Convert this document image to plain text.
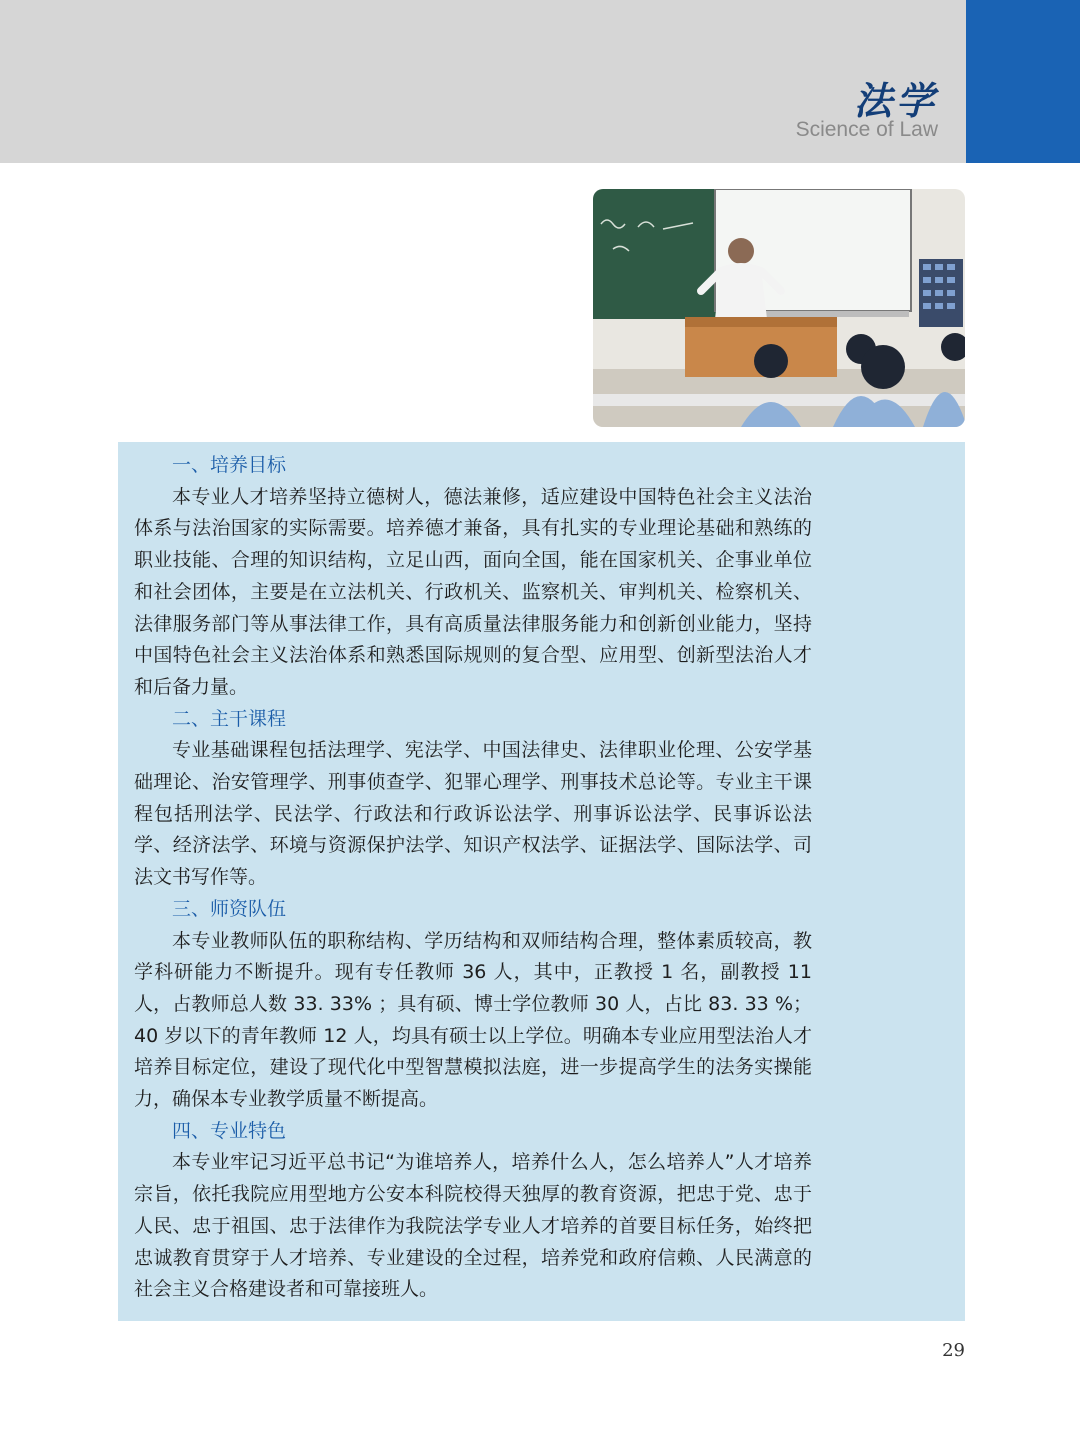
法学
Science of Law
一、培养目标

本专业人才培养坚持立德树人，德法兼修，适应建设中国特色社会主义法治体系与法治国家的实际需要。培养德才兼备，具有扎实的专业理论基础和熟练的职业技能、合理的知识结构，立足山西，面向全国，能在国家机关、企事业单位和社会团体，主要是在立法机关、行政机关、监察机关、审判机关、检察机关、法律服务部门等从事法律工作，具有高质量法律服务能力和创新创业能力，坚持中国特色社会主义法治体系和熟悉国际规则的复合型、应用型、创新型法治人才和后备力量。

二、主干课程

专业基础课程包括法理学、宪法学、中国法律史、法律职业伦理、公安学基础理论、治安管理学、刑事侦查学、犯罪心理学、刑事技术总论等。专业主干课程包括刑法学、民法学、行政法和行政诉讼法学、刑事诉讼法学、民事诉讼法学、经济法学、环境与资源保护法学、知识产权法学、证据法学、国际法学、司法文书写作等。

三、师资队伍

本专业教师队伍的职称结构、学历结构和双师结构合理，整体素质较高，教学科研能力不断提升。现有专任教师 36 人，其中，正教授 1 名，副教授 11 人，占教师总人数 33. 33% ；具有硕、博士学位教师 30 人，占比 83. 33 %；40 岁以下的青年教师 12 人，均具有硕士以上学位。明确本专业应用型法治人才培养目标定位，建设了现代化中型智慧模拟法庭，进一步提高学生的法务实操能力，确保本专业教学质量不断提高。

四、专业特色

本专业牢记习近平总书记“为谁培养人，培养什么人，怎么培养人”人才培养宗旨，依托我院应用型地方公安本科院校得天独厚的教育资源，把忠于党、忠于人民、忠于祖国、忠于法律作为我院法学专业人才培养的首要目标任务，始终把忠诚教育贯穿于人才培养、专业建设的全过程，培养党和政府信赖、人民满意的社会主义合格建设者和可靠接班人。

29
